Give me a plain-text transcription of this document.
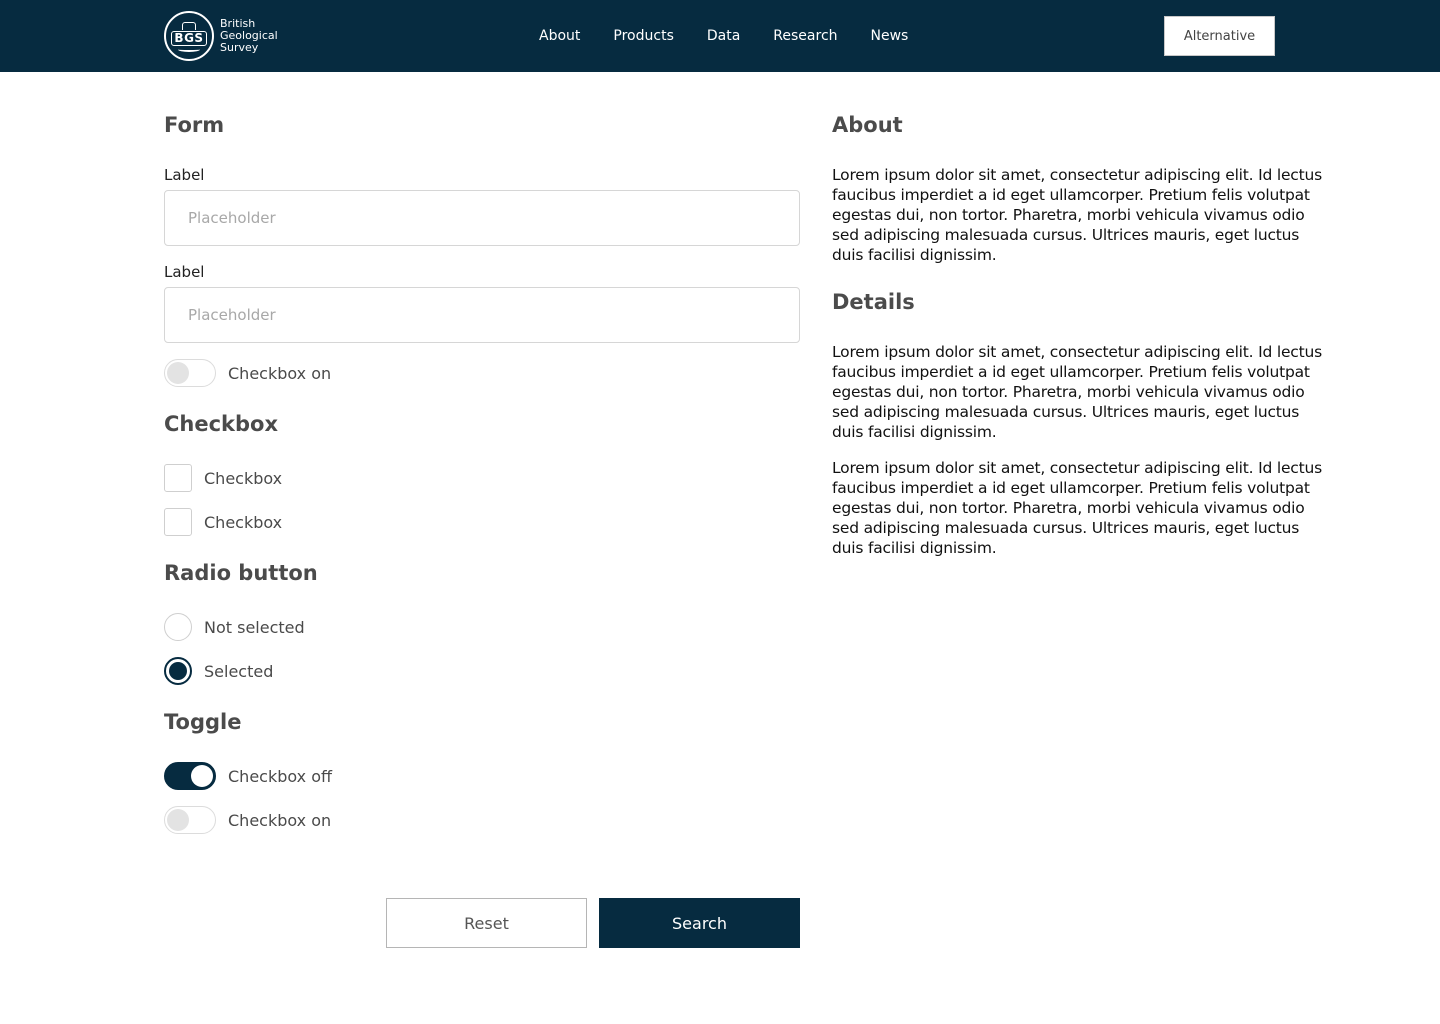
BGS
British
Geological
Survey
About Products Data Research News	Alternative
Form
Label
Placeholder
Label
Placeholder
Checkbox on
Checkbox
Checkbox
Checkbox
Radio button
Not selected
Selected
Toggle
Checkbox off
Checkbox on
Reset	Search
About

Lorem ipsum dolor sit amet, consectetur adipiscing elit. Id lectus faucibus imperdiet a id eget ullamcorper. Pretium felis volutpat egestas dui, non tortor. Pharetra, morbi vehicula vivamus odio sed adipiscing malesuada cursus. Ultrices mauris, eget luctus duis facilisi dignissim.

Details

Lorem ipsum dolor sit amet, consectetur adipiscing elit. Id lectus faucibus imperdiet a id eget ullamcorper. Pretium felis volutpat egestas dui, non tortor. Pharetra, morbi vehicula vivamus odio sed adipiscing malesuada cursus. Ultrices mauris, eget luctus duis facilisi dignissim.

Lorem ipsum dolor sit amet, consectetur adipiscing elit. Id lectus faucibus imperdiet a id eget ullamcorper. Pretium felis volutpat egestas dui, non tortor. Pharetra, morbi vehicula vivamus odio sed adipiscing malesuada cursus. Ultrices mauris, eget luctus duis facilisi dignissim.
